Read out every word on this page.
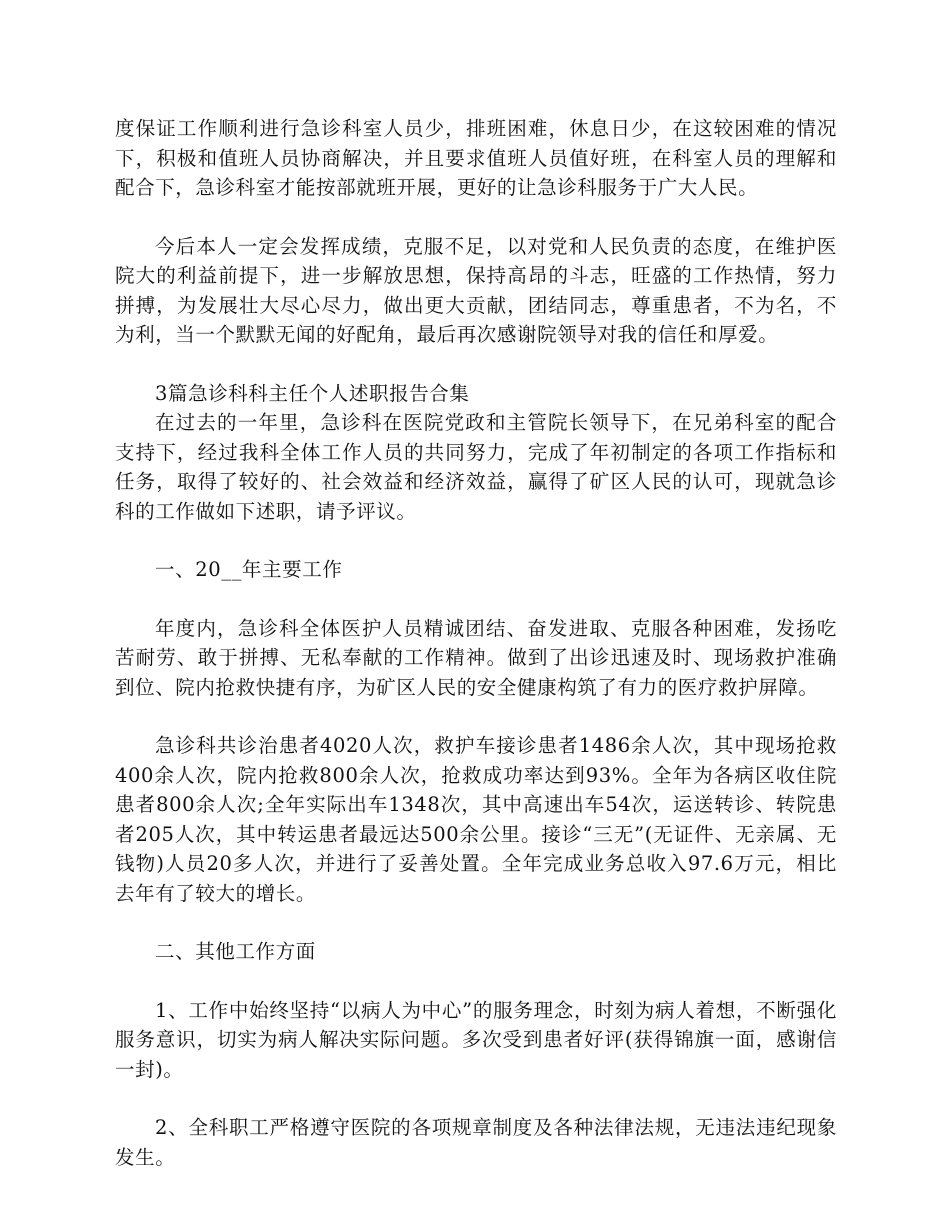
度保证工作顺利进行急诊科室人员少，排班困难，休息日少，在这较困难的情况下，积极和值班人员协商解决，并且要求值班人员值好班，在科室人员的理解和配合下，急诊科室才能按部就班开展，更好的让急诊科服务于广大人民。

今后本人一定会发挥成绩，克服不足，以对党和人民负责的态度，在维护医院大的利益前提下，进一步解放思想，保持高昂的斗志，旺盛的工作热情，努力拼搏，为发展壮大尽心尽力，做出更大贡献，团结同志，尊重患者，不为名，不为利，当一个默默无闻的好配角，最后再次感谢院领导对我的信任和厚爱。

3篇急诊科科主任个人述职报告合集

在过去的一年里，急诊科在医院党政和主管院长领导下，在兄弟科室的配合支持下，经过我科全体工作人员的共同努力，完成了年初制定的各项工作指标和任务，取得了较好的、社会效益和经济效益，赢得了矿区人民的认可，现就急诊科的工作做如下述职，请予评议。

一、20__年主要工作

年度内，急诊科全体医护人员精诚团结、奋发进取、克服各种困难，发扬吃苦耐劳、敢于拼搏、无私奉献的工作精神。做到了出诊迅速及时、现场救护准确到位、院内抢救快捷有序，为矿区人民的安全健康构筑了有力的医疗救护屏障。

急诊科共诊治患者4020人次，救护车接诊患者1486余人次，其中现场抢救400余人次，院内抢救800余人次，抢救成功率达到93%。全年为各病区收住院患者800余人次;全年实际出车1348次，其中高速出车54次，运送转诊、转院患者205人次，其中转运患者最远达500余公里。接诊“三无”(无证件、无亲属、无钱物)人员20多人次，并进行了妥善处置。全年完成业务总收入97.6万元，相比去年有了较大的增长。

二、其他工作方面

1、工作中始终坚持“以病人为中心”的服务理念，时刻为病人着想，不断强化服务意识，切实为病人解决实际问题。多次受到患者好评(获得锦旗一面，感谢信一封)。

2、全科职工严格遵守医院的各项规章制度及各种法律法规，无违法违纪现象发生。
